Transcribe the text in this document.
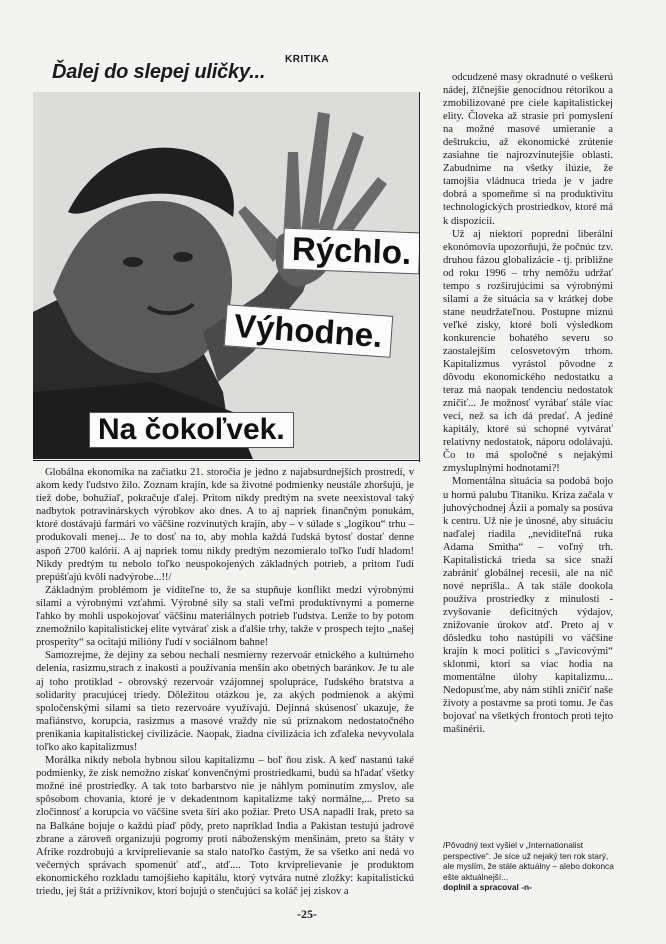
KRITIKA
Ďalej do slepej uličky...
Rýchlo.
Výhodne.
Na čokoľvek.

Globálna ekonomika na začiatku 21. storočia je jedno z najabsurdnejších prostredí, v akom kedy ľudstvo žilo. Zoznam krajín, kde sa životné podmienky neustále zhoršujú, je tiež dobe, bohužiaľ, pokračuje ďalej. Pritom nikdy predtým na svete neexistoval taký nadbytok potravinárskych výrobkov ako dnes. A to aj napriek finančným ponukám, ktoré dostávajú farmári vo väčšine rozvinutých krajín, aby – v súlade s „logikou“ trhu – produkovali menej... Je to dosť na to, aby mohla každá ľudská bytosť dostať denne aspoň 2700 kalórií. A aj napriek tomu nikdy predtým nezomieralo toľko ľudí hladom! Nikdy predtým tu nebolo toľko neuspokojených základných potrieb, a pritom ľudí prepúšťajú kvôli nadvýrobe...!!/

Základným problémom je viditeľne to, že sa stupňuje konflikt medzi výrobnými silami a výrobnými vzťahmi. Výrobné sily sa stali veľmi produktívnymi a pomerne ľahko by mohli uspokojovať väčšinu materiálnych potrieb ľudstva. Lenže to by potom znemožnilo kapitalistickej elite vytvárať zisk a ďalšie trhy, takže v prospech tejto „našej prosperity“ sa ocitajú milióny ľudí v sociálnom bahne!

Samozrejme, že dejiny za sebou nechali nesmierny rezervoár etnického a kultúrneho delenia, rasizmu,strach z inakosti a používania menšín ako obetných baránkov. Je tu ale aj toho protiklad - obrovský rezervoár vzájomnej spolupráce, ľudského bratstva a solidarity pracujúcej triedy. Dôležitou otázkou je, za akých podmienok a akými spoločenskými silami sa tieto rezervoáre využívajú. Dejinná skúsenosť ukazuje, že mafiánstvo, korupcia, rasizmus a masové vraždy nie sú príznakom nedostatočného prenikania kapitalistickej civilizácie. Naopak, žiadna civilizácia ich zďaleka nevyvolala toľko ako kapitalizmus!

Morálka nikdy nebola hybnou silou kapitalizmu – boľ ňou zisk. A keď nastanú také podmienky, že zisk nemožno získať konvenčnými prostriedkami, budú sa hľadať všetky možné iné prostriedky. A tak toto barbarstvo nie je náhlym pominutím zmyslov, ale spôsobom chovania, ktoré je v dekadentnom kapitalizme taký normálne,... Preto sa zločinnosť a korupcia vo väčšine sveta šíri ako požiar. Preto USA napadli Irak, preto sa na Balkáne bojuje o každú piaď pôdy, preto napríklad India a Pakistan testujú jadrové zbrane a zároveň organizujú pogromy proti náboženským menšinám, preto sa štáty v Afrike rozdrobujú a krviprelievanie sa stalo natoľko častým, že sa všetko ani nedá vo večerných správach spomenúť atď., atď.... Toto krviprelievanie je produktom ekonomického rozkladu tamojšieho kapitálu, ktorý vytvára nutné zložky: kapitalistickú triedu, jej štát a prižívnikov, ktorí bojujú o stenčujúci sa koláč jej ziskov a

odcudzené masy okradnuté o veškerú nádej, žlčnejšie genocídnou rétorikou a zmobilizované pre ciele kapitalistickej elity. Človeka až strasie pri pomyslení na možné masové umieranie a deštrukciu, až ekonomické zrútenie zasiahne tie najrozvinutejšie oblasti. Zabudnime na všetky ilúzie, že tamojšia vládnuca trieda je v jadre dobrá a spomeňme si na produktivitu technologických prostriedkov, ktoré má k dispozícii.

Už aj niektorí poprední liberálni ekonómovia upozorňujú, že počnúc tzv. druhou fázou globalizácie - tj. približne od roku 1996 – trhy nemôžu udržať tempo s rozširujúcimi sa výrobnými silami a že situácia sa v krátkej dobe stane neudržateľnou. Postupne miznú veľké zisky, ktoré boli výsledkom konkurencie bohatého severu so zaostalejším celosvetovým trhom. Kapitalizmus vyrástol pôvodne z dôvodu ekonomického nedostatku a teraz má naopak tendenciu nedostatok zničiť... Je možnosť vyrábať stále viac vecí, než sa ich dá predať. A jediné kapitály, ktoré sú schopné vytvárať relatívny nedostatok, náporu odolávajú. Čo to má spoločné s nejakými zmysluplnými hodnotami?!

Momentálna situácia sa podobá bojo u hornú palubu Titaniku. Kríza začala v juhovýchodnej Ázii a pomaly sa posúva k centru. Už nie je únosné, aby situáciu naďalej riadila „neviditeľná ruka Adama Smitha“ – voľný trh. Kapitalistická trieda sa sice snaží zabrániť globálnej recesii, ale na nič nové nepríšla.. A tak stále dookola používa prostriedky z minulosti - zvyšovanie deficitných výdajov, znižovanie úrokov atď. Preto aj v dôsledku toho nastúpili vo väčšine krajín k moci politici s „ľavicovými“ sklonmi, ktorí sa viac hodia na momentálne úlohy kapitalizmu... Nedopusťme, aby nám stihli zničiť naše životy a postavme sa proti tomu. Je čas bojovať na všetkých frontoch proti tejto mašinérii.

/Pôvodný text vyšiel v „Internationalist perspective“. Je síce už nejaký ten rok starý, ale myslím, že stále aktuálny – alebo dokonca ešte aktuálnejší...

doplnil a spracoval -n-

-25-
